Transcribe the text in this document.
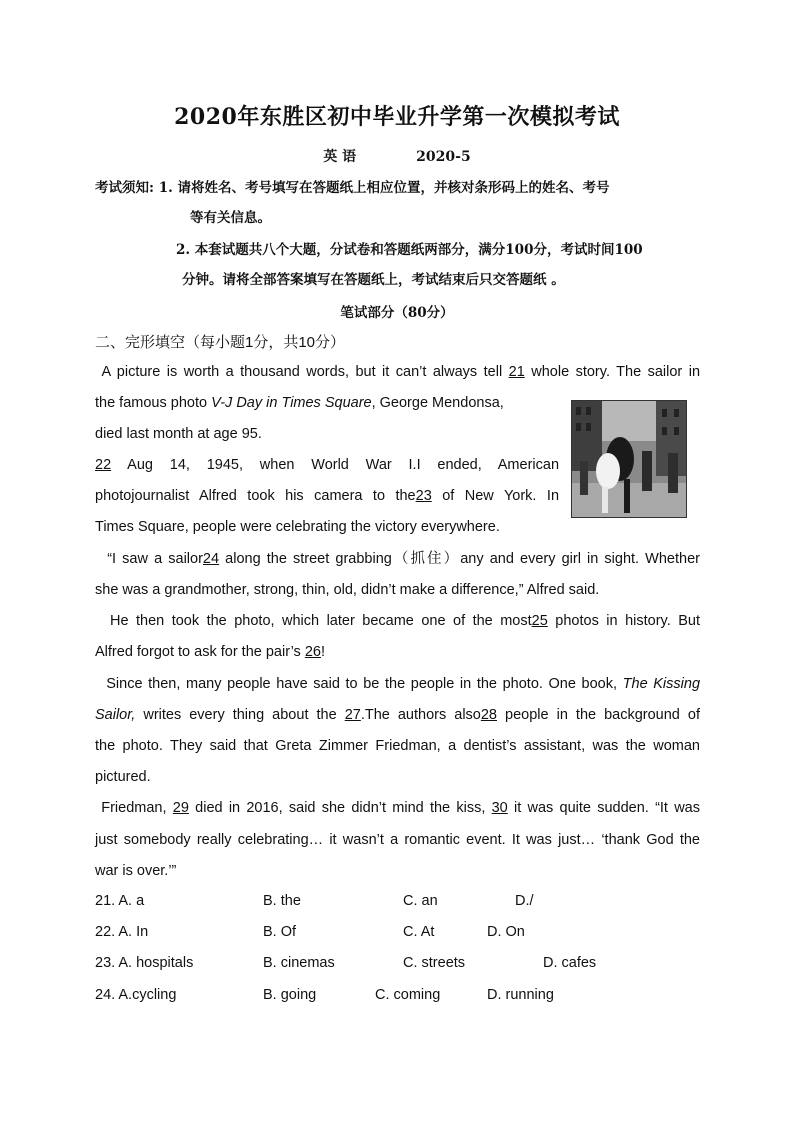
2020年东胜区初中毕业升学第一次模拟考试
英 语	2020-5
考试须知: 1. 请将姓名、考号填写在答题纸上相应位置，并核对条形码上的姓名、考号
等有关信息。
2. 本套试题共八个大题，分试卷和答题纸两部分，满分100分，考试时间100
分钟。请将全部答案填写在答题纸上，考试结束后只交答题纸 。
笔试部分（80分）
二、完形填空（每小题1分，共10分）
A picture is worth a thousand words, but it can’t always tell 21 whole story. The sailor in
the famous photo V-J Day in Times Square, George Mendonsa,
died last month at age 95.
22 Aug 14, 1945, when World War I.I ended, American
photojournalist Alfred took his camera to the23 of New York. In
Times Square, people were celebrating the victory everywhere.
“I saw a sailor24 along the street grabbing（抓住）any and every girl in sight. Whether
she was a grandmother, strong, thin, old, didn’t make a difference,” Alfred said.
He then took the photo, which later became one of the most25 photos in history. But
Alfred forgot to ask for the pair’s 26!
Since then, many people have said to be the people in the photo. One book, The Kissing
Sailor, writes every thing about the 27.The authors also28 people in the background of
the photo. They said that Greta Zimmer Friedman, a dentist’s assistant, was the woman
pictured.
Friedman, 29 died in 2016, said she didn’t mind the kiss, 30 it was quite sudden. “It was
just somebody really celebrating… it wasn’t a romantic event. It was just… ‘thank God the
war is over.’”
21. A. a	B. the	C. an	D./
22. A. In	B. Of	C. At	D. On
23. A. hospitals	B. cinemas	C. streets	D. cafes
24. A.cycling	B. going	C. coming	D. running
